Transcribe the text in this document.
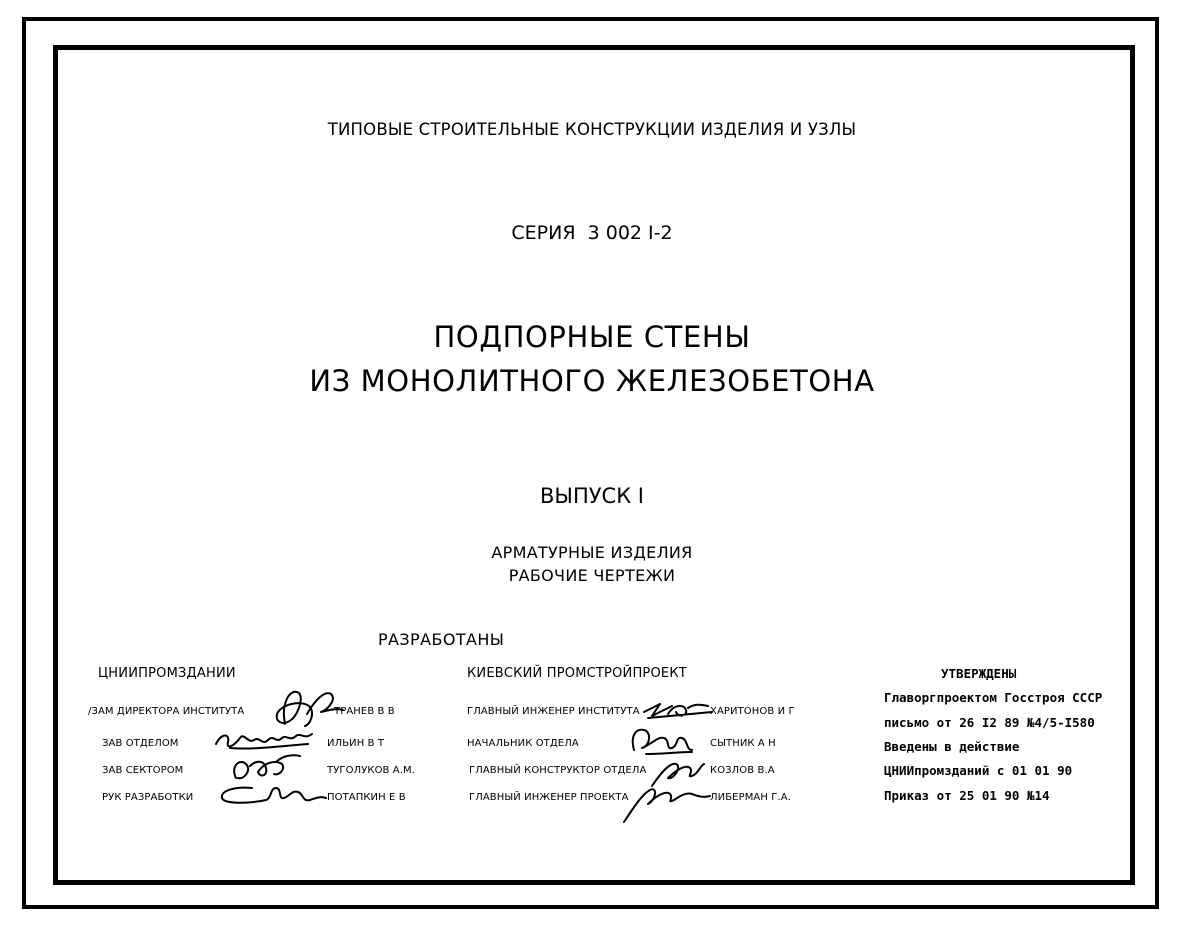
ТИПОВЫЕ СТРОИТЕЛЬНЫЕ КОНСТРУКЦИИ ИЗДЕЛИЯ И УЗЛЫ
СЕРИЯ 3 002 I-2
ПОДПОРНЫЕ СТЕНЫ
ИЗ МОНОЛИТНОГО ЖЕЛЕЗОБЕТОНА
ВЫПУСК I
АРМАТУРНЫЕ ИЗДЕЛИЯ
РАБОЧИЕ ЧЕРТЕЖИ
РАЗРАБОТАНЫ
ЦНИИПРОМЗДАНИИ
/ЗАМ ДИРЕКТОРА ИНСТИТУТА	ТРАНЕВ В В
ЗАВ ОТДЕЛОМ	ИЛЬИН В Т
ЗАВ СЕКТОРОМ	ТУГОЛУКОВ А.М.
РУК РАЗРАБОТКИ	ПОТАПКИН Е В
КИЕВСКИЙ ПРОМСТРОЙПРОЕКТ
ГЛАВНЫЙ ИНЖЕНЕР ИНСТИТУТА	ХАРИТОНОВ И Г
НАЧАЛЬНИК ОТДЕЛА	СЫТНИК А Н
ГЛАВНЫЙ КОНСТРУКТОР ОТДЕЛА	КОЗЛОВ В.А
ГЛАВНЫЙ ИНЖЕНЕР ПРОЕКТА	ЛИБЕРМАН Г.А.
УТВЕРЖДЕНЫ
Главоргпроектом Госстроя СССР
письмо от 26 I2 89 №4/5-I580
Введены в действие
ЦНИИпромзданий с 01 01 90
Приказ от 25 01 90 №14
